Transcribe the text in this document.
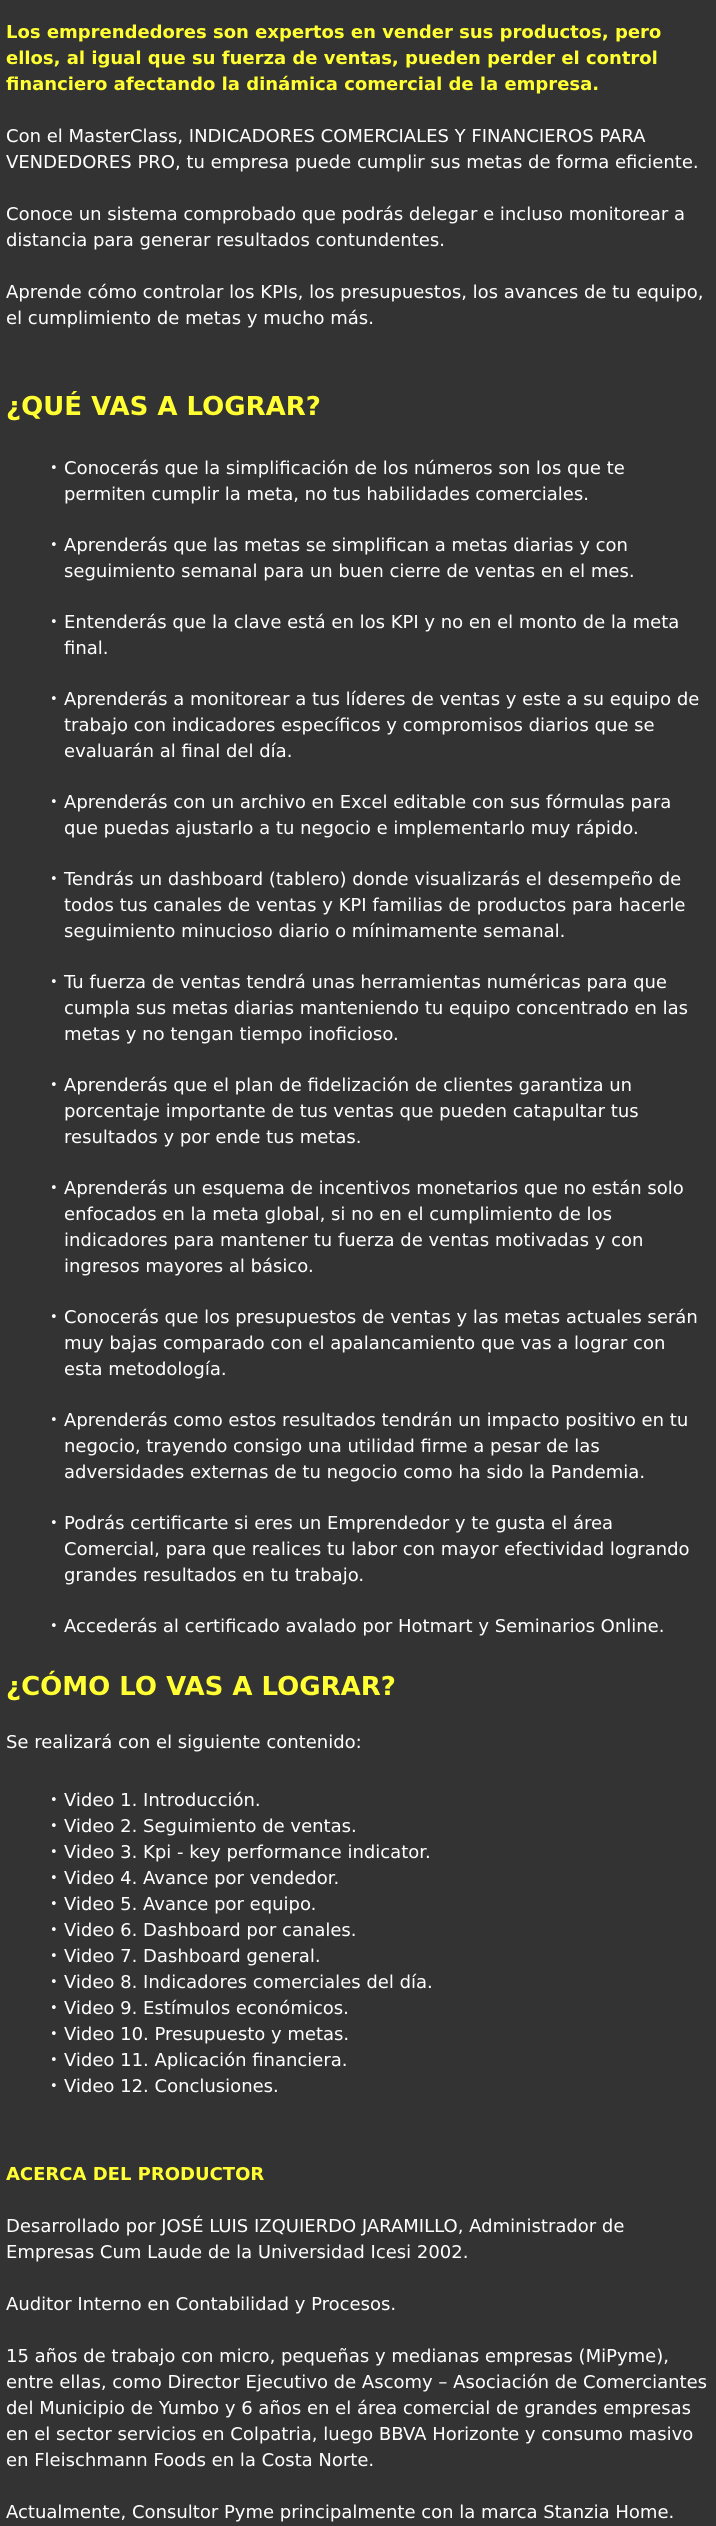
Los emprendedores son expertos en vender sus productos, pero ellos, al igual que su fuerza de ventas, pueden perder el control financiero afectando la dinámica comercial de la empresa.

Con el MasterClass, INDICADORES COMERCIALES Y FINANCIEROS PARA VENDEDORES PRO, tu empresa puede cumplir sus metas de forma eficiente.

Conoce un sistema comprobado que podrás delegar e incluso monitorear a distancia para generar resultados contundentes.

Aprende cómo controlar los KPIs, los presupuestos, los avances de tu equipo, el cumplimiento de metas y mucho más.

¿QUÉ VAS A LOGRAR?
• Conocerás que la simplificación de los números son los que te permiten cumplir la meta, no tus habilidades comerciales.
• Aprenderás que las metas se simplifican a metas diarias y con seguimiento semanal para un buen cierre de ventas en el mes.
• Entenderás que la clave está en los KPI y no en el monto de la meta final.
• Aprenderás a monitorear a tus líderes de ventas y este a su equipo de trabajo con indicadores específicos y compromisos diarios que se evaluarán al final del día.
• Aprenderás con un archivo en Excel editable con sus fórmulas para que puedas ajustarlo a tu negocio e implementarlo muy rápido.
• Tendrás un dashboard (tablero) donde visualizarás el desempeño de todos tus canales de ventas y KPI familias de productos para hacerle seguimiento minucioso diario o mínimamente semanal.
• Tu fuerza de ventas tendrá unas herramientas numéricas para que cumpla sus metas diarias manteniendo tu equipo concentrado en las metas y no tengan tiempo inoficioso.
• Aprenderás que el plan de fidelización de clientes garantiza un porcentaje importante de tus ventas que pueden catapultar tus resultados y por ende tus metas.
• Aprenderás un esquema de incentivos monetarios que no están solo enfocados en la meta global, si no en el cumplimiento de los indicadores para mantener tu fuerza de ventas motivadas y con ingresos mayores al básico.
• Conocerás que los presupuestos de ventas y las metas actuales serán muy bajas comparado con el apalancamiento que vas a lograr con esta metodología.
• Aprenderás como estos resultados tendrán un impacto positivo en tu negocio, trayendo consigo una utilidad firme a pesar de las adversidades externas de tu negocio como ha sido la Pandemia.
• Podrás certificarte si eres un Emprendedor y te gusta el área Comercial, para que realices tu labor con mayor efectividad logrando grandes resultados en tu trabajo.
• Accederás al certificado avalado por Hotmart y Seminarios Online.
¿CÓMO LO VAS A LOGRAR?

Se realizará con el siguiente contenido:

• Video 1. Introducción.
• Video 2. Seguimiento de ventas.
• Video 3. Kpi - key performance indicator.
• Video 4. Avance por vendedor.
• Video 5. Avance por equipo.
• Video 6. Dashboard por canales.
• Video 7. Dashboard general.
• Video 8. Indicadores comerciales del día.
• Video 9. Estímulos económicos.
• Video 10. Presupuesto y metas.
• Video 11. Aplicación financiera.
• Video 12. Conclusiones.
ACERCA DEL PRODUCTOR

Desarrollado por JOSÉ LUIS IZQUIERDO JARAMILLO, Administrador de Empresas Cum Laude de la Universidad Icesi 2002.

Auditor Interno en Contabilidad y Procesos.

15 años de trabajo con micro, pequeñas y medianas empresas (MiPyme), entre ellas, como Director Ejecutivo de Ascomy – Asociación de Comerciantes del Municipio de Yumbo y 6 años en el área comercial de grandes empresas en el sector servicios en Colpatria, luego BBVA Horizonte y consumo masivo en Fleischmann Foods en la Costa Norte.

Actualmente, Consultor Pyme principalmente con la marca Stanzia Home.
